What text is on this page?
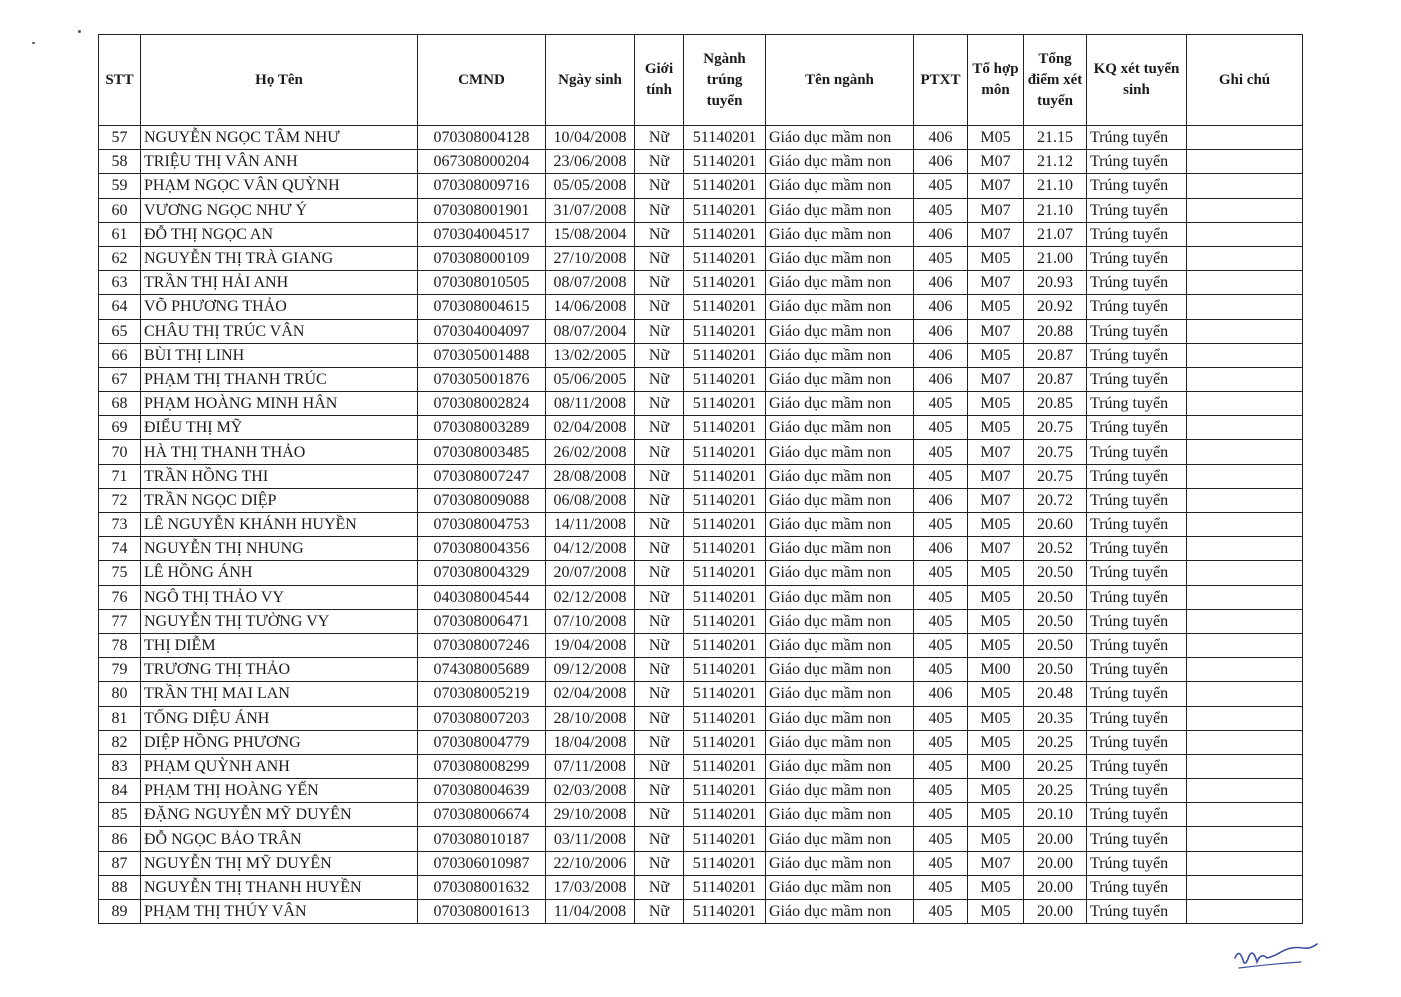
STT	Họ Tên	CMND	Ngày sinh	Giới tính	Ngành trúng tuyển	Tên ngành	PTXT	Tổ hợp môn	Tổng điểm xét tuyển	KQ xét tuyển sinh	Ghi chú
57	NGUYỄN NGỌC TÂM NHƯ	070308004128	10/04/2008	Nữ	51140201	Giáo dục mầm non	406	M05	21.15	Trúng tuyển	
58	TRIỆU THỊ VÂN ANH	067308000204	23/06/2008	Nữ	51140201	Giáo dục mầm non	406	M07	21.12	Trúng tuyển	
59	PHẠM NGỌC VÂN QUỲNH	070308009716	05/05/2008	Nữ	51140201	Giáo dục mầm non	405	M07	21.10	Trúng tuyển	
60	VƯƠNG NGỌC NHƯ Ý	070308001901	31/07/2008	Nữ	51140201	Giáo dục mầm non	405	M07	21.10	Trúng tuyển	
61	ĐỖ THỊ NGỌC AN	070304004517	15/08/2004	Nữ	51140201	Giáo dục mầm non	406	M07	21.07	Trúng tuyển	
62	NGUYỄN THỊ TRÀ GIANG	070308000109	27/10/2008	Nữ	51140201	Giáo dục mầm non	405	M05	21.00	Trúng tuyển	
63	TRẦN THỊ HẢI ANH	070308010505	08/07/2008	Nữ	51140201	Giáo dục mầm non	406	M07	20.93	Trúng tuyển	
64	VÕ PHƯƠNG THẢO	070308004615	14/06/2008	Nữ	51140201	Giáo dục mầm non	406	M05	20.92	Trúng tuyển	
65	CHÂU THỊ TRÚC VÂN	070304004097	08/07/2004	Nữ	51140201	Giáo dục mầm non	406	M07	20.88	Trúng tuyển	
66	BÙI THỊ LINH	070305001488	13/02/2005	Nữ	51140201	Giáo dục mầm non	406	M05	20.87	Trúng tuyển	
67	PHẠM THỊ THANH TRÚC	070305001876	05/06/2005	Nữ	51140201	Giáo dục mầm non	406	M07	20.87	Trúng tuyển	
68	PHẠM HOÀNG MINH HÂN	070308002824	08/11/2008	Nữ	51140201	Giáo dục mầm non	405	M05	20.85	Trúng tuyển	
69	ĐIỂU THỊ MỸ	070308003289	02/04/2008	Nữ	51140201	Giáo dục mầm non	405	M05	20.75	Trúng tuyển	
70	HÀ THỊ THANH THẢO	070308003485	26/02/2008	Nữ	51140201	Giáo dục mầm non	405	M07	20.75	Trúng tuyển	
71	TRẦN HỒNG THI	070308007247	28/08/2008	Nữ	51140201	Giáo dục mầm non	405	M07	20.75	Trúng tuyển	
72	TRẦN NGỌC DIỆP	070308009088	06/08/2008	Nữ	51140201	Giáo dục mầm non	406	M07	20.72	Trúng tuyển	
73	LÊ NGUYỄN KHÁNH HUYỀN	070308004753	14/11/2008	Nữ	51140201	Giáo dục mầm non	405	M05	20.60	Trúng tuyển	
74	NGUYỄN THỊ NHUNG	070308004356	04/12/2008	Nữ	51140201	Giáo dục mầm non	406	M07	20.52	Trúng tuyển	
75	LÊ HỒNG ÁNH	070308004329	20/07/2008	Nữ	51140201	Giáo dục mầm non	405	M05	20.50	Trúng tuyển	
76	NGÔ THỊ THẢO VY	040308004544	02/12/2008	Nữ	51140201	Giáo dục mầm non	405	M05	20.50	Trúng tuyển	
77	NGUYỄN THỊ TƯỜNG VY	070308006471	07/10/2008	Nữ	51140201	Giáo dục mầm non	405	M05	20.50	Trúng tuyển	
78	THỊ DIỄM	070308007246	19/04/2008	Nữ	51140201	Giáo dục mầm non	405	M05	20.50	Trúng tuyển	
79	TRƯƠNG THỊ THẢO	074308005689	09/12/2008	Nữ	51140201	Giáo dục mầm non	405	M00	20.50	Trúng tuyển	
80	TRẦN THỊ MAI LAN	070308005219	02/04/2008	Nữ	51140201	Giáo dục mầm non	406	M05	20.48	Trúng tuyển	
81	TỐNG DIỆU ÁNH	070308007203	28/10/2008	Nữ	51140201	Giáo dục mầm non	405	M05	20.35	Trúng tuyển	
82	DIỆP HỒNG PHƯƠNG	070308004779	18/04/2008	Nữ	51140201	Giáo dục mầm non	405	M05	20.25	Trúng tuyển	
83	PHẠM QUỲNH ANH	070308008299	07/11/2008	Nữ	51140201	Giáo dục mầm non	405	M00	20.25	Trúng tuyển	
84	PHẠM THỊ HOÀNG YẾN	070308004639	02/03/2008	Nữ	51140201	Giáo dục mầm non	405	M05	20.25	Trúng tuyển	
85	ĐẶNG NGUYỄN MỸ DUYÊN	070308006674	29/10/2008	Nữ	51140201	Giáo dục mầm non	405	M05	20.10	Trúng tuyển	
86	ĐỖ NGỌC BẢO TRÂN	070308010187	03/11/2008	Nữ	51140201	Giáo dục mầm non	405	M05	20.00	Trúng tuyển	
87	NGUYỄN THỊ MỸ DUYÊN	070306010987	22/10/2006	Nữ	51140201	Giáo dục mầm non	405	M07	20.00	Trúng tuyển	
88	NGUYỄN THỊ THANH HUYỀN	070308001632	17/03/2008	Nữ	51140201	Giáo dục mầm non	405	M05	20.00	Trúng tuyển	
89	PHẠM THỊ THÚY VÂN	070308001613	11/04/2008	Nữ	51140201	Giáo dục mầm non	405	M05	20.00	Trúng tuyển	
